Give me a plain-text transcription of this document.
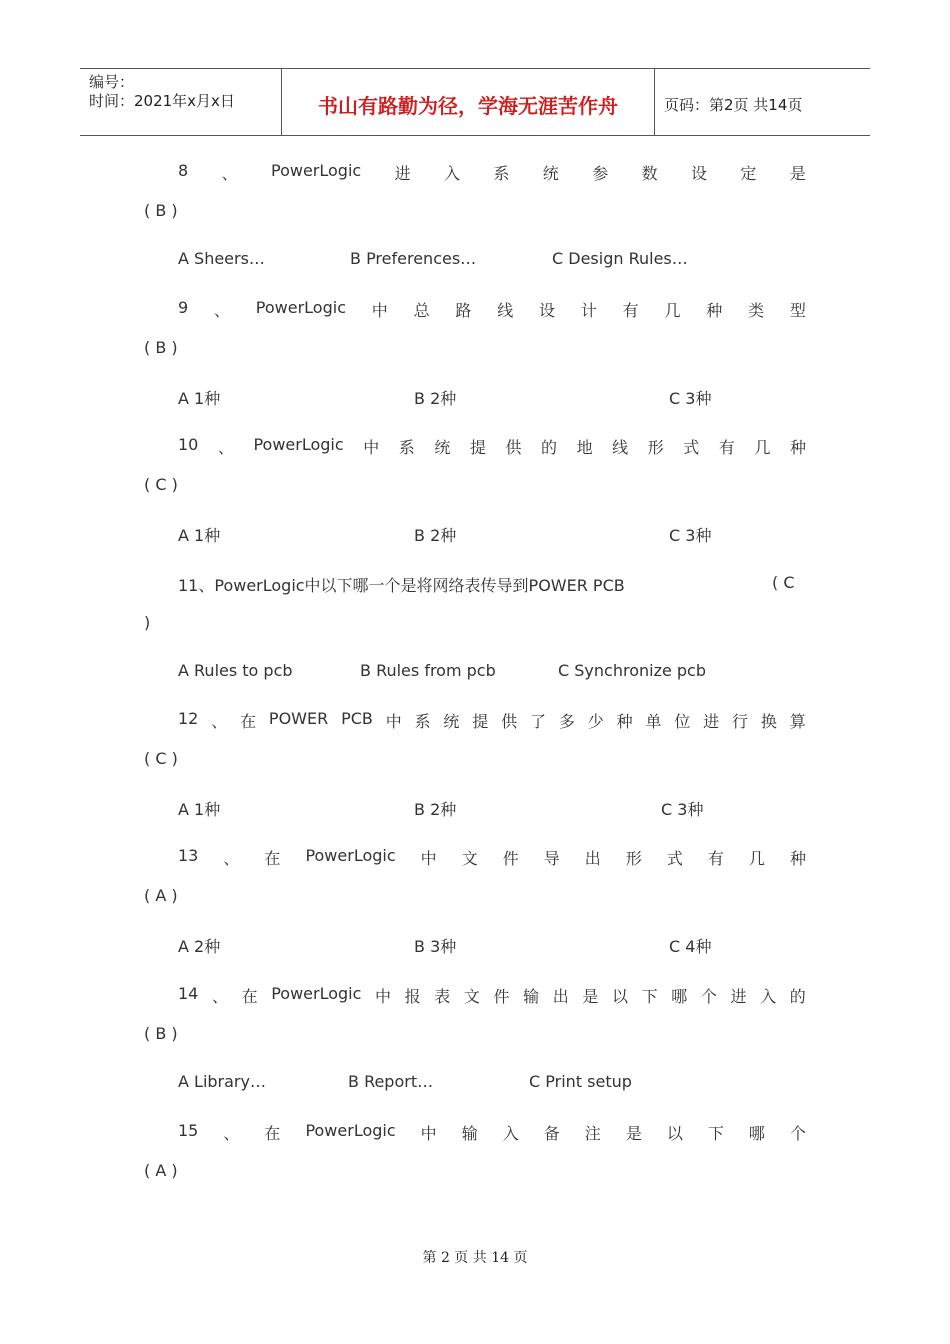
编号：
时间：2021年x月x日	书山有路勤为径，学海无涯苦作舟	页码：第2页 共14页
8 、 PowerLogic 进 入 系 统 参 数 设 定 是
( B )
A Sheers…	B Preferences…	C Design Rules…
9 、 PowerLogic 中 总 路 线 设 计 有 几 种 类 型
( B )
A 1种	B 2种	C 3种
10 、 PowerLogic 中 系 统 提 供 的 地 线 形 式 有 几 种
( C )
A 1种	B 2种	C 3种
11、PowerLogic中以下哪一个是将网络表传导到POWER PCB	( C
)
A Rules to pcb	B Rules from pcb	C Synchronize pcb
12 、 在 POWER PCB 中 系 统 提 供 了 多 少 种 单 位 进 行 换 算
( C )
A 1种	B 2种	C 3种
13 、 在 PowerLogic 中 文 件 导 出 形 式 有 几 种
( A )
A 2种	B 3种	C 4种
14 、 在 PowerLogic 中 报 表 文 件 输 出 是 以 下 哪 个 进 入 的
( B )
A Library…	B Report…	C Print setup
15 、 在 PowerLogic 中 输 入 备 注 是 以 下 哪 个
( A )
第 2 页 共 14 页
